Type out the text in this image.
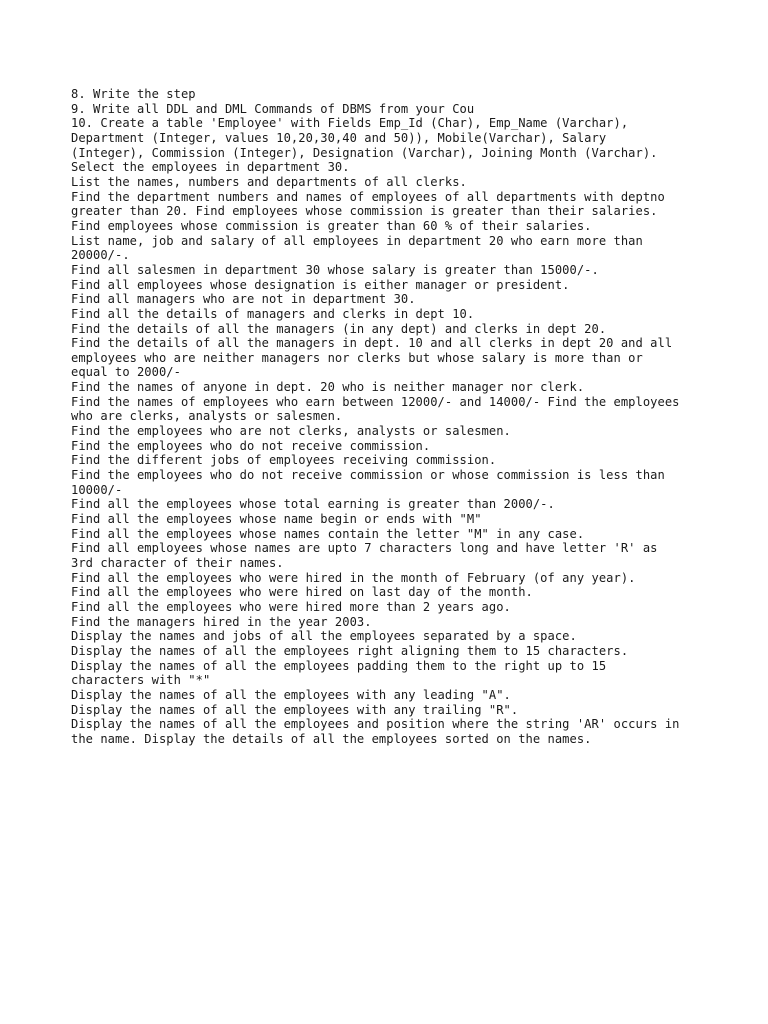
8. Write the step
9. Write all DDL and DML Commands of DBMS from your Cou
10. Create a table 'Employee' with Fields Emp_Id (Char), Emp_Name (Varchar),
Department (Integer, values 10,20,30,40 and 50)), Mobile(Varchar), Salary
(Integer), Commission (Integer), Designation (Varchar), Joining Month (Varchar).
Select the employees in department 30.
List the names, numbers and departments of all clerks.
Find the department numbers and names of employees of all departments with deptno
greater than 20. Find employees whose commission is greater than their salaries.
Find employees whose commission is greater than 60 % of their salaries.
List name, job and salary of all employees in department 20 who earn more than
20000/-.
Find all salesmen in department 30 whose salary is greater than 15000/-.
Find all employees whose designation is either manager or president.
Find all managers who are not in department 30.
Find all the details of managers and clerks in dept 10.
Find the details of all the managers (in any dept) and clerks in dept 20.
Find the details of all the managers in dept. 10 and all clerks in dept 20 and all
employees who are neither managers nor clerks but whose salary is more than or
equal to 2000/-
Find the names of anyone in dept. 20 who is neither manager nor clerk.
Find the names of employees who earn between 12000/- and 14000/- Find the employees
who are clerks, analysts or salesmen.
Find the employees who are not clerks, analysts or salesmen.
Find the employees who do not receive commission.
Find the different jobs of employees receiving commission.
Find the employees who do not receive commission or whose commission is less than
10000/-
Find all the employees whose total earning is greater than 2000/-.
Find all the employees whose name begin or ends with "M"
Find all the employees whose names contain the letter "M" in any case.
Find all employees whose names are upto 7 characters long and have letter 'R' as
3rd character of their names.
Find all the employees who were hired in the month of February (of any year).
Find all the employees who were hired on last day of the month.
Find all the employees who were hired more than 2 years ago.
Find the managers hired in the year 2003.
Display the names and jobs of all the employees separated by a space.
Display the names of all the employees right aligning them to 15 characters.
Display the names of all the employees padding them to the right up to 15
characters with "*"
Display the names of all the employees with any leading "A".
Display the names of all the employees with any trailing "R".
Display the names of all the employees and position where the string 'AR' occurs in
the name. Display the details of all the employees sorted on the names.
